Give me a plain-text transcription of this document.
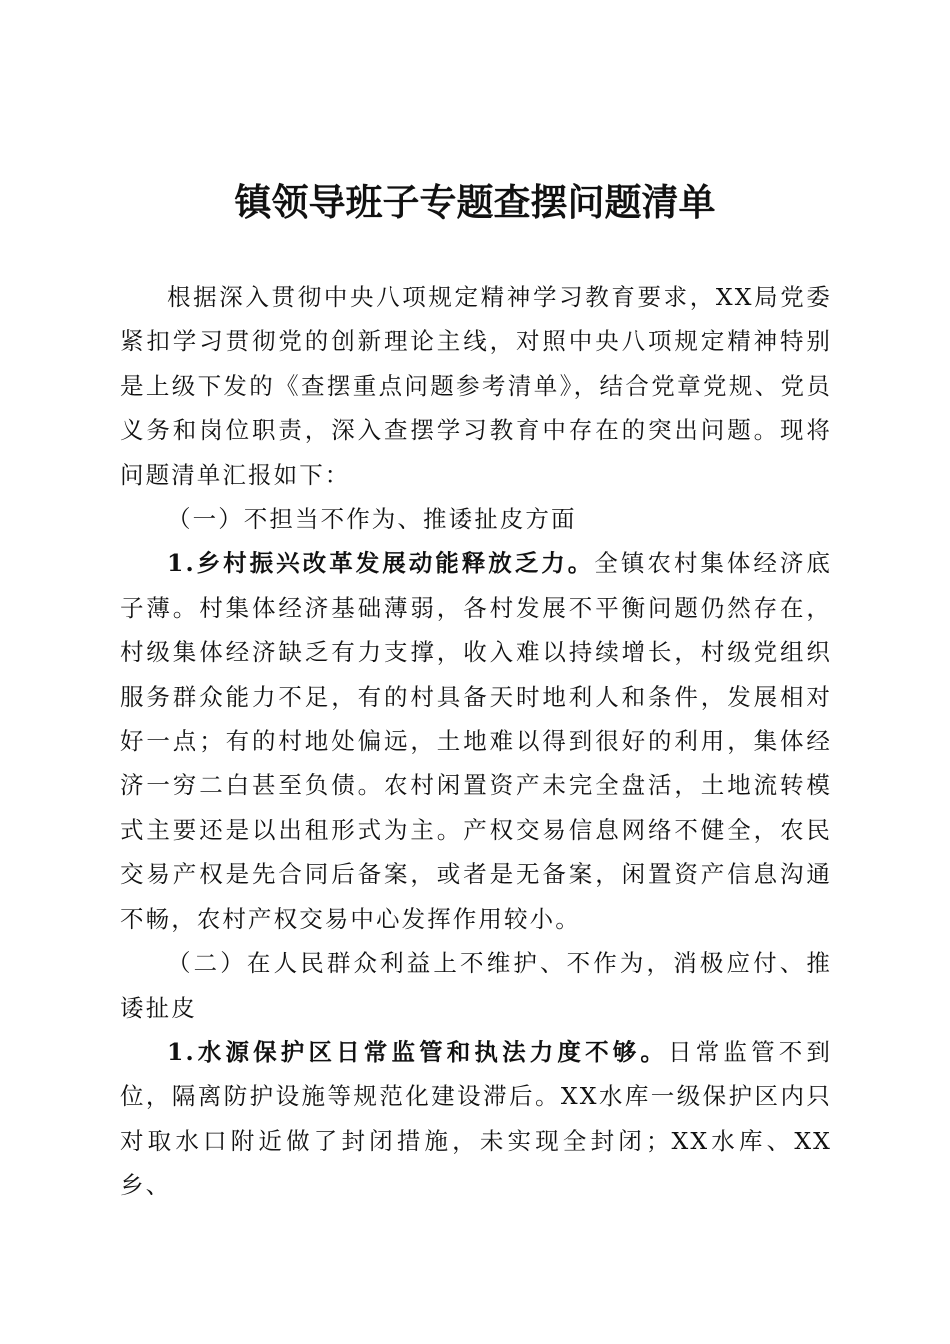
镇领导班子专题查摆问题清单

根据深入贯彻中央八项规定精神学习教育要求，XX局党委紧扣学习贯彻党的创新理论主线，对照中央八项规定精神特别是上级下发的《查摆重点问题参考清单》，结合党章党规、党员义务和岗位职责，深入查摆学习教育中存在的突出问题。现将问题清单汇报如下：

（一）不担当不作为、推诿扯皮方面

1.乡村振兴改革发展动能释放乏力。全镇农村集体经济底子薄。村集体经济基础薄弱，各村发展不平衡问题仍然存在，村级集体经济缺乏有力支撑，收入难以持续增长，村级党组织服务群众能力不足，有的村具备天时地利人和条件，发展相对好一点；有的村地处偏远，土地难以得到很好的利用，集体经济一穷二白甚至负债。农村闲置资产未完全盘活，土地流转模式主要还是以出租形式为主。产权交易信息网络不健全，农民交易产权是先合同后备案，或者是无备案，闲置资产信息沟通不畅，农村产权交易中心发挥作用较小。

（二）在人民群众利益上不维护、不作为，消极应付、推诿扯皮

1.水源保护区日常监管和执法力度不够。日常监管不到位，隔离防护设施等规范化建设滞后。XX水库一级保护区内只对取水口附近做了封闭措施，未实现全封闭；XX水库、XX乡、
